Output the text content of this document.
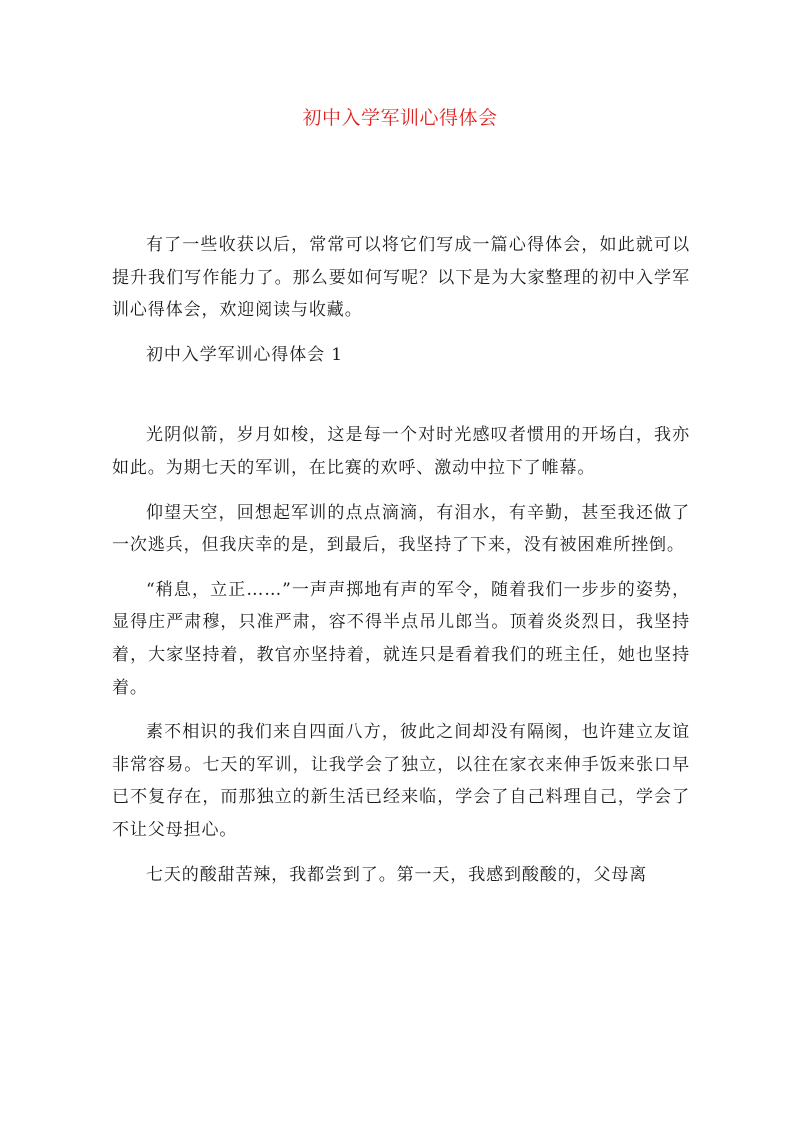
初中入学军训心得体会

有了一些收获以后，常常可以将它们写成一篇心得体会，如此就可以提升我们写作能力了。那么要如何写呢？以下是为大家整理的初中入学军训心得体会，欢迎阅读与收藏。

初中入学军训心得体会 1

光阴似箭，岁月如梭，这是每一个对时光感叹者惯用的开场白，我亦如此。为期七天的军训，在比赛的欢呼、激动中拉下了帷幕。

仰望天空，回想起军训的点点滴滴，有泪水，有辛勤，甚至我还做了一次逃兵，但我庆幸的是，到最后，我坚持了下来，没有被困难所挫倒。

“稍息，立正……”一声声掷地有声的军令，随着我们一步步的姿势，显得庄严肃穆，只准严肃，容不得半点吊儿郎当。顶着炎炎烈日，我坚持着，大家坚持着，教官亦坚持着，就连只是看着我们的班主任，她也坚持着。

素不相识的我们来自四面八方，彼此之间却没有隔阂，也许建立友谊非常容易。七天的军训，让我学会了独立，以往在家衣来伸手饭来张口早已不复存在，而那独立的新生活已经来临，学会了自己料理自己，学会了不让父母担心。

七天的酸甜苦辣，我都尝到了。第一天，我感到酸酸的，父母离
